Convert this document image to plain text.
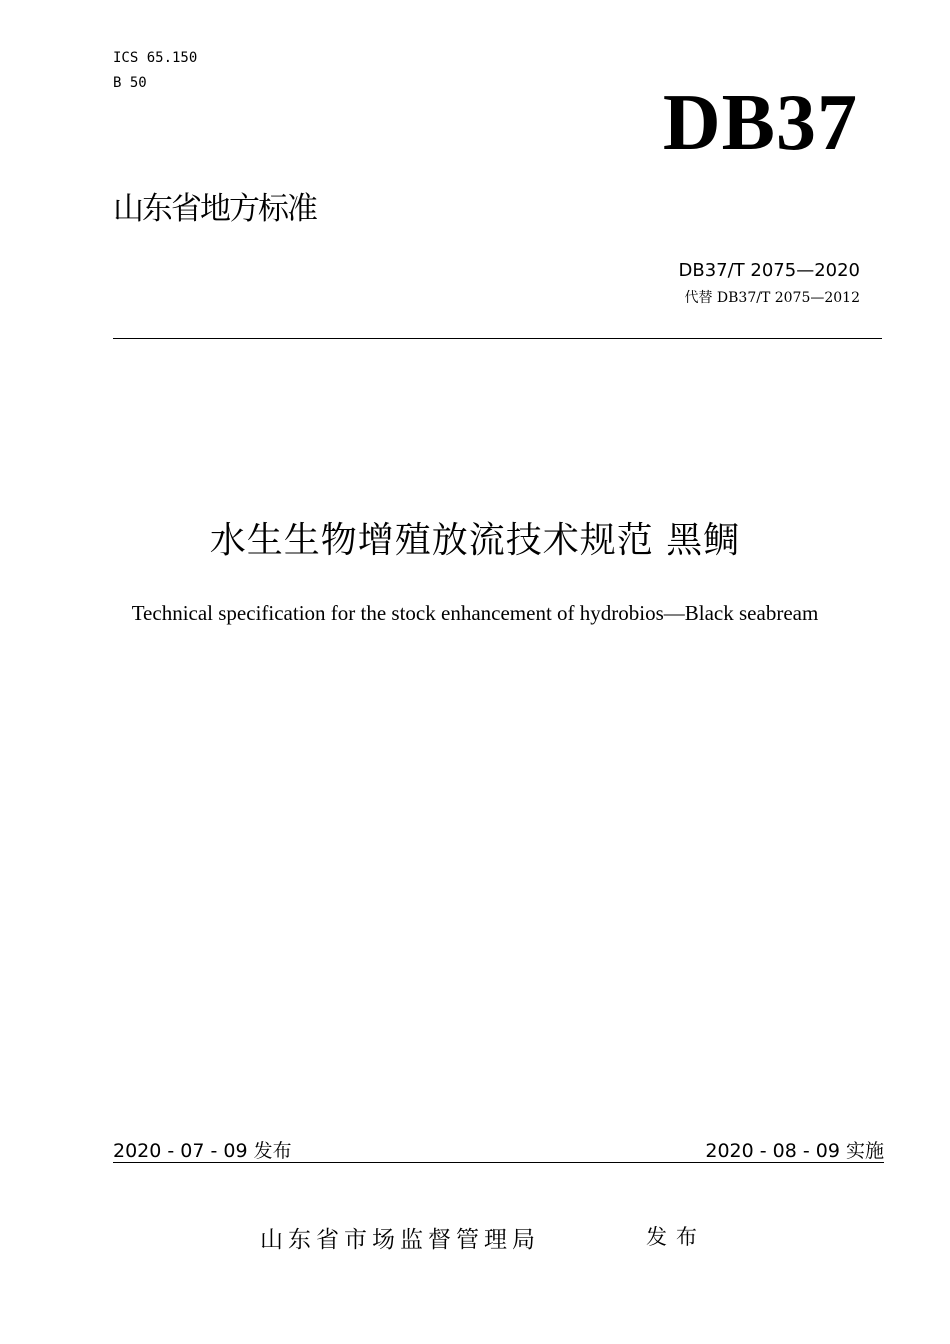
ICS 65.150
B 50	DB37
山东省地方标准
DB37/T 2075—2020
代替 DB37/T 2075—2012
水生生物增殖放流技术规范 黑鲷
Technical specification for the stock enhancement of hydrobios—Black seabream
2020 - 07 - 09 发布	2020 - 08 - 09 实施
山东省市场监督管理局	发布
